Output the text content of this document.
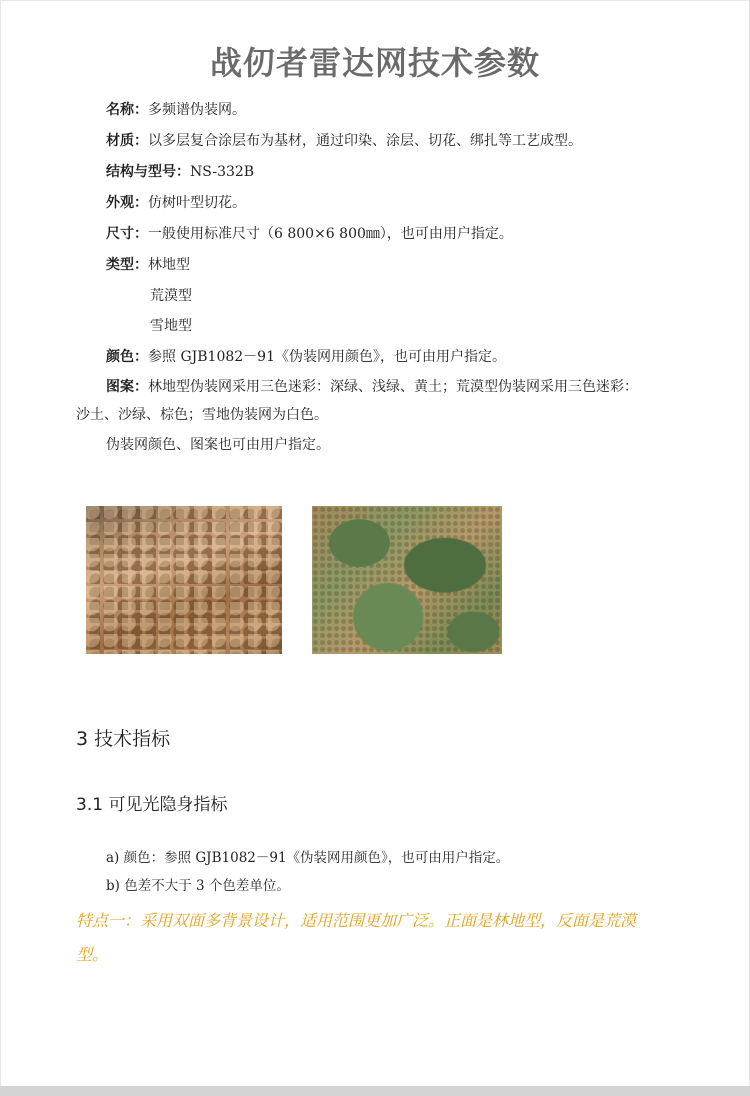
战仞者雷达网技术参数
名称：多频谱伪装网。
材质：以多层复合涂层布为基材，通过印染、涂层、切花、绑扎等工艺成型。
结构与型号：NS-332B
外观：仿树叶型切花。
尺寸：一般使用标准尺寸（6 800×6 800㎜），也可由用户指定。
类型：林地型
荒漠型
雪地型
颜色：参照 GJB1082－91《伪装网用颜色》，也可由用户指定。
图案：林地型伪装网采用三色迷彩：深绿、浅绿、黄土；荒漠型伪装网采用三色迷彩：
沙土、沙绿、棕色；雪地伪装网为白色。
伪装网颜色、图案也可由用户指定。
3 技术指标
3.1 可见光隐身指标
a) 颜色：参照 GJB1082－91《伪装网用颜色》，也可由用户指定。
b) 色差不大于 3 个色差单位。
特点一：采用双面多背景设计，适用范围更加广泛。正面是林地型，反面是荒漠
型。
